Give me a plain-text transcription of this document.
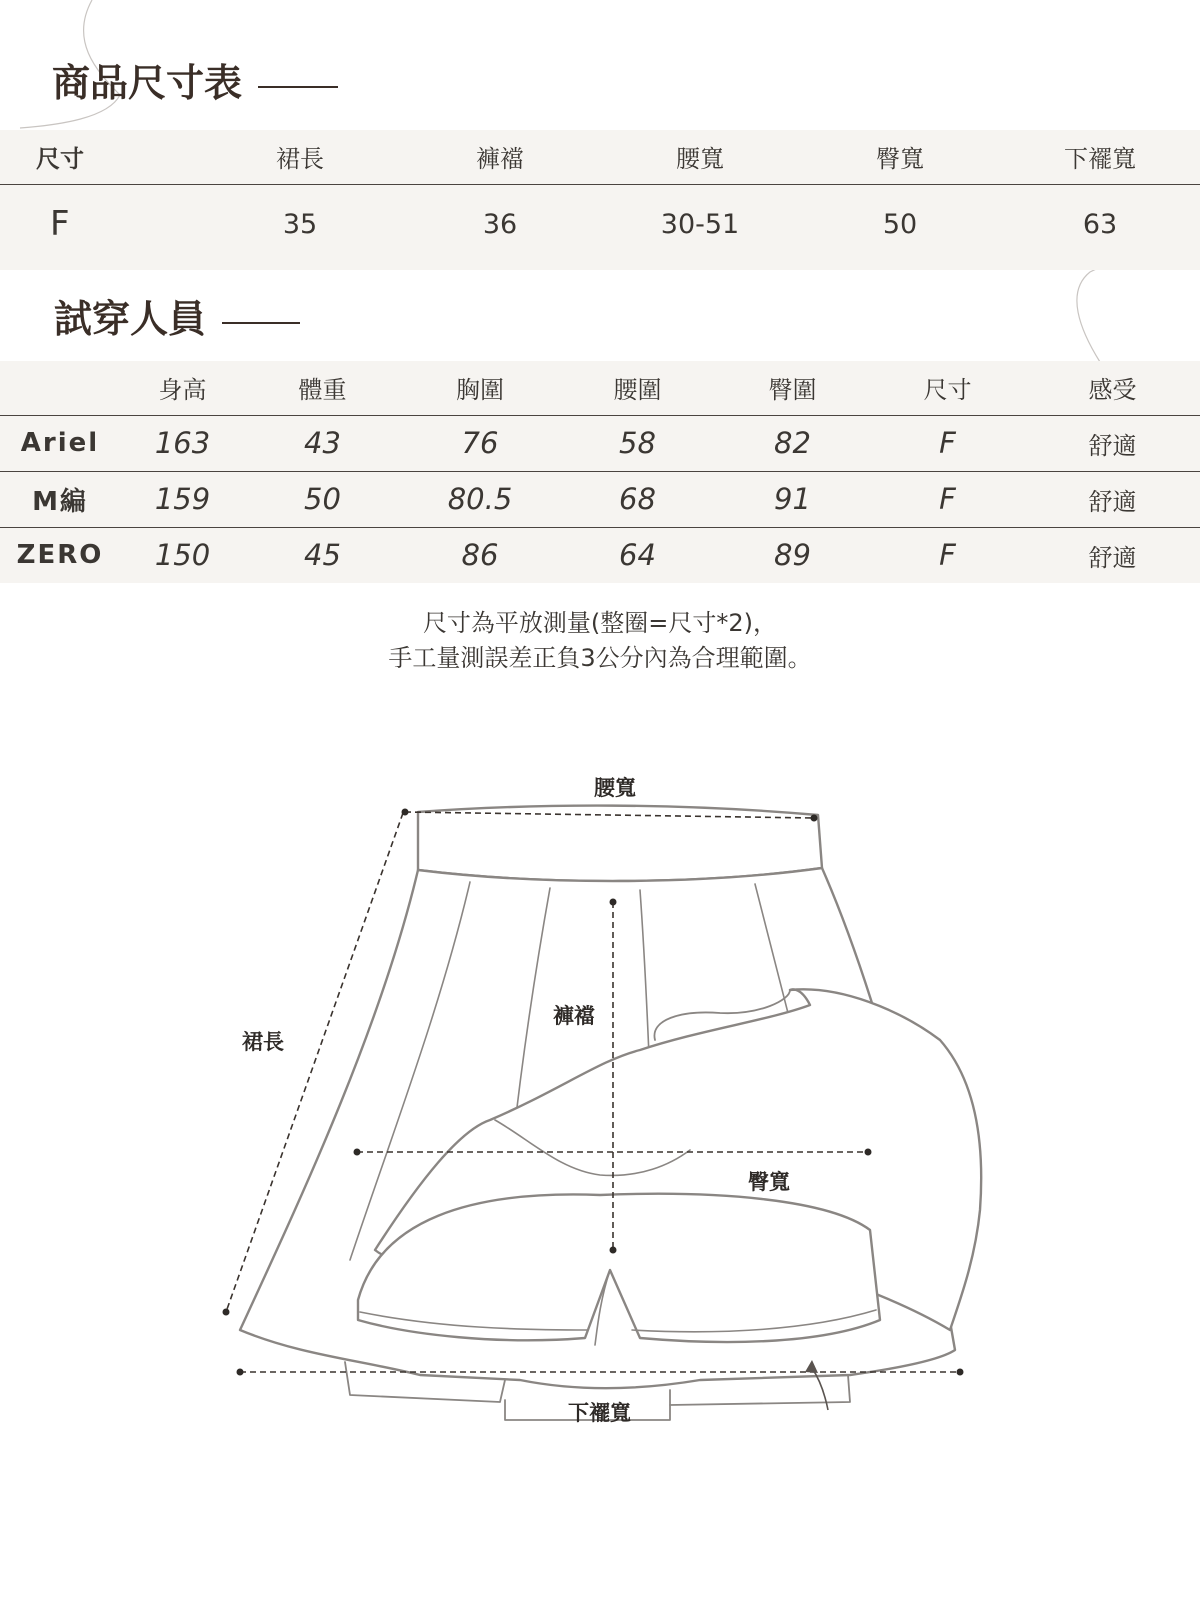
商品尺寸表
尺寸	裙長	褲襠	腰寬	臀寬	下襬寬
F	35	36	30-51	50	63
試穿人員
	身高	體重	胸圍	腰圍	臀圍	尺寸	感受
Ariel	163	43	76	58	82	F	舒適
M編	159	50	80.5	68	91	F	舒適
ZERO	150	45	86	64	89	F	舒適

尺寸為平放測量(整圈=尺寸*2)，

手工量測誤差正負3公分內為合理範圍。

腰寬
褲襠
裙長
臀寬
下襬寬
